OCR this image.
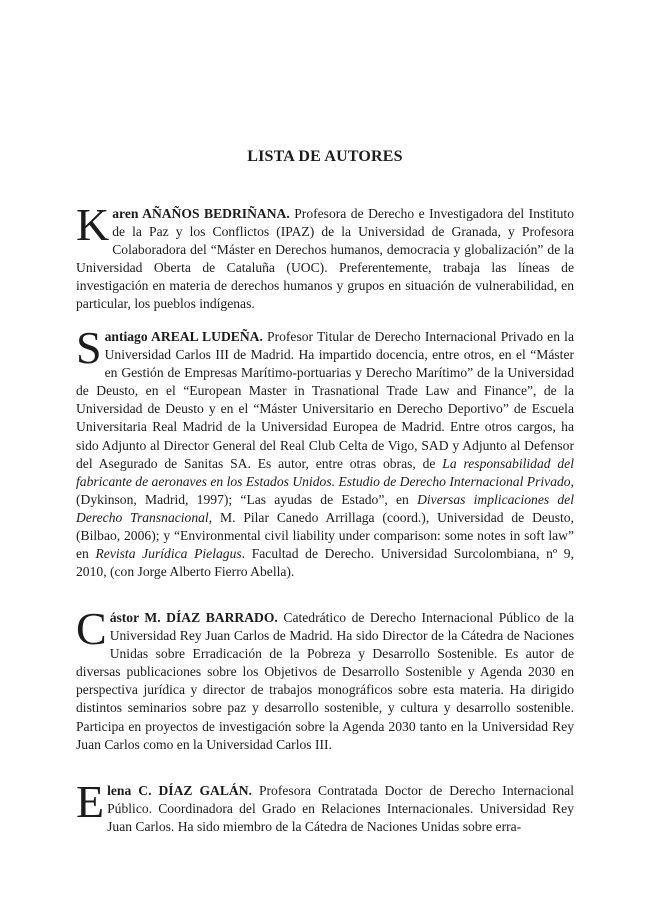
LISTA DE AUTORES
Karen AÑAÑOS BEDRIÑANA. Profesora de Derecho e Investigadora del Instituto de la Paz y los Conflictos (IPAZ) de la Universidad de Granada, y Profesora Colaboradora del “Máster en Derechos humanos, democracia y globalización” de la Universidad Oberta de Cataluña (UOC). Preferentemente, trabaja las líneas de investigación en materia de derechos humanos y grupos en situación de vulnerabilidad, en particular, los pueblos indígenas.
Santiago AREAL LUDEÑA. Profesor Titular de Derecho Internacional Privado en la Universidad Carlos III de Madrid. Ha impartido docencia, entre otros, en el “Máster en Gestión de Empresas Marítimo-portuarias y Derecho Marítimo” de la Universidad de Deusto, en el “European Master in Trasnational Trade Law and Finance”, de la Universidad de Deusto y en el “Máster Universitario en Derecho Deportivo” de Escuela Universitaria Real Madrid de la Universidad Europea de Madrid. Entre otros cargos, ha sido Adjunto al Director General del Real Club Celta de Vigo, SAD y Adjunto al Defensor del Asegurado de Sanitas SA. Es autor, entre otras obras, de La responsabilidad del fabricante de aeronaves en los Estados Unidos. Estudio de Derecho Internacional Privado, (Dykinson, Madrid, 1997); “Las ayudas de Estado”, en Diversas implicaciones del Derecho Transnacional, M. Pilar Canedo Arrillaga (coord.), Universidad de Deusto, (Bilbao, 2006); y “Environmental civil liability under comparison: some notes in soft law” en Revista Jurídica Pielagus. Facultad de Derecho. Universidad Surcolombiana, nº 9, 2010, (con Jorge Alberto Fierro Abella).
Cástor M. DÍAZ BARRADO. Catedrático de Derecho Internacional Público de la Universidad Rey Juan Carlos de Madrid. Ha sido Director de la Cátedra de Naciones Unidas sobre Erradicación de la Pobreza y Desarrollo Sostenible. Es autor de diversas publicaciones sobre los Objetivos de Desarrollo Sostenible y Agenda 2030 en perspectiva jurídica y director de trabajos monográficos sobre esta materia. Ha dirigido distintos seminarios sobre paz y desarrollo sostenible, y cultura y desarrollo sostenible. Participa en proyectos de investigación sobre la Agenda 2030 tanto en la Universidad Rey Juan Carlos como en la Universidad Carlos III.
Elena C. DÍAZ GALÁN. Profesora Contratada Doctor de Derecho Internacional Público. Coordinadora del Grado en Relaciones Internacionales. Universidad Rey Juan Carlos. Ha sido miembro de la Cátedra de Naciones Unidas sobre erra-
